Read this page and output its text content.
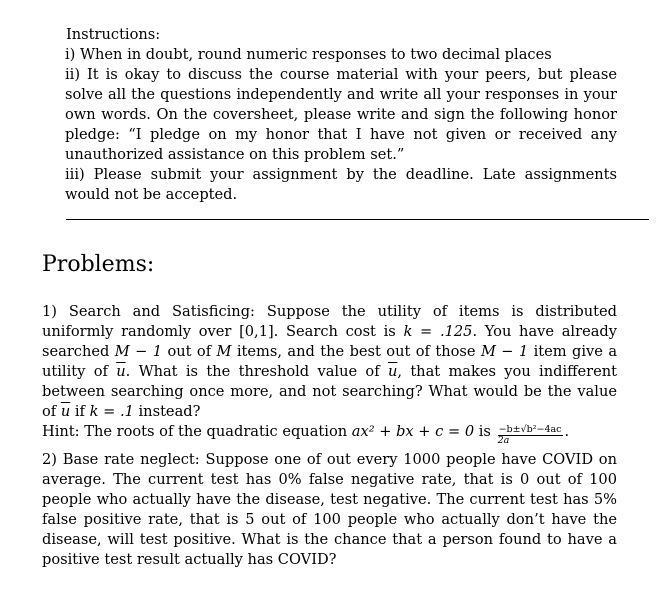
Instructions:
i) When in doubt, round numeric responses to two decimal places
ii) It is okay to discuss the course material with your peers, but please solve all the questions independently and write all your responses in your own words. On the coversheet, please write and sign the following honor pledge: “I pledge on my honor that I have not given or received any unauthorized assistance on this problem set.”
iii) Please submit your assignment by the deadline. Late assignments would not be accepted.
Problems:
1) Search and Satisficing: Suppose the utility of items is distributed uniformly randomly over [0,1]. Search cost is k = .125. You have already searched M − 1 out of M items, and the best out of those M − 1 item give a utility of $\overline{u}$. What is the threshold value of $\overline{u}$, that makes you indifferent between searching once more, and not searching? What would be the value of $\overline{u}$ if k = .1 instead?
Hint: The roots of the quadratic equation ax² + bx + c = 0 is $\frac{\text{−b±√b²−4ac}}{2a}$ .
2) Base rate neglect: Suppose one of out every 1000 people have COVID on average. The current test has 0% false negative rate, that is 0 out of 100 people who actually have the disease, test negative. The current test has 5% false positive rate, that is 5 out of 100 people who actually don’t have the disease, will test positive. What is the chance that a person found to have a positive test result actually has COVID?
